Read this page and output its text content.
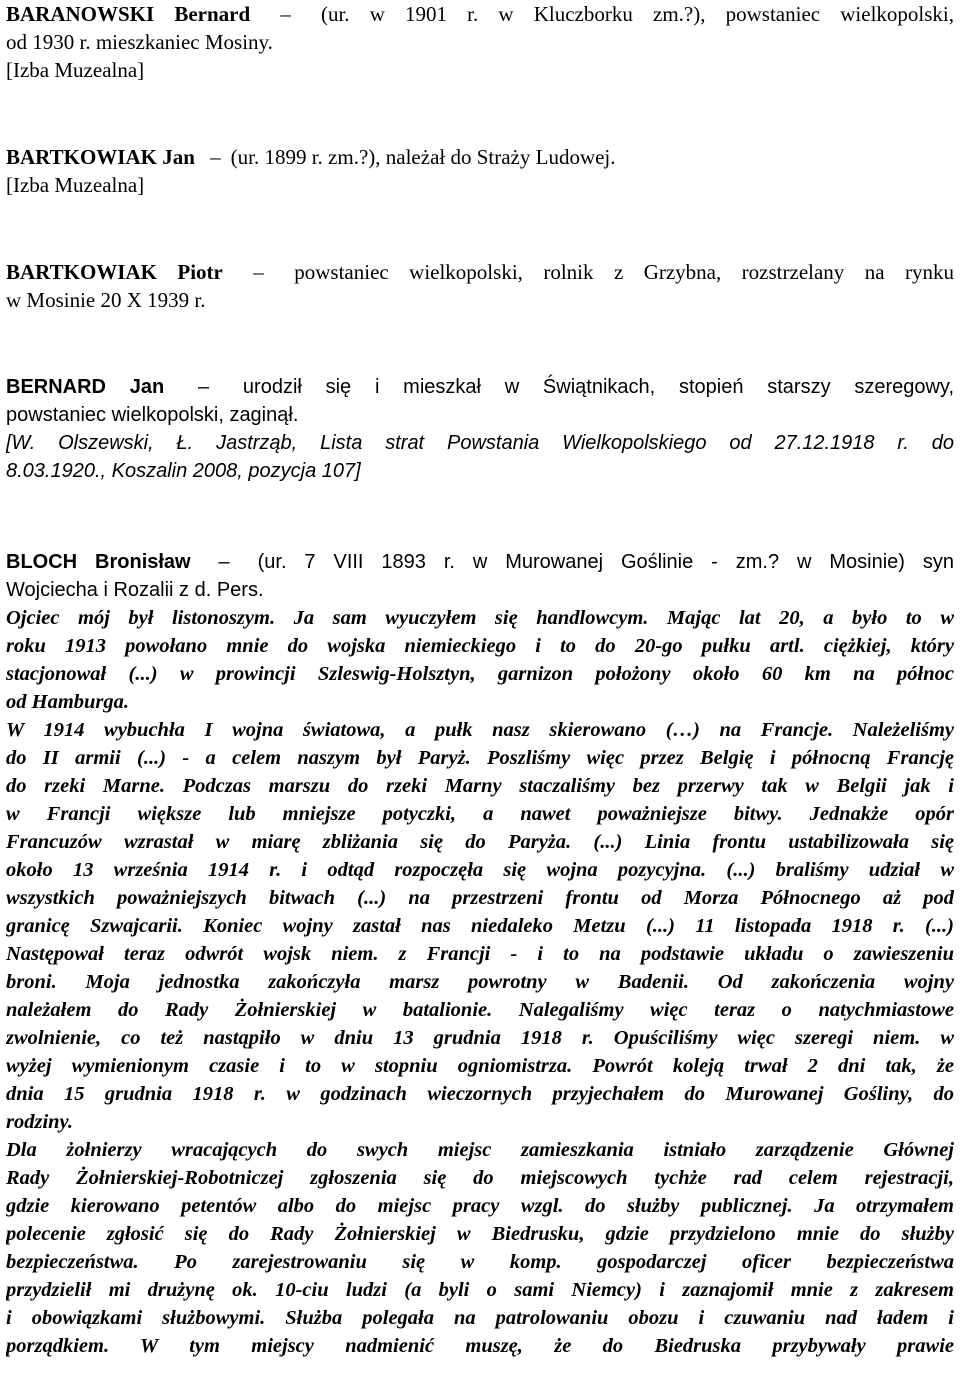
BARANOWSKI Bernard – (ur. w 1901 r. w Kluczborku zm.?), powstaniec wielkopolski,
od 1930 r. mieszkaniec Mosiny.
[Izba Muzealna]
BARTKOWIAK Jan – (ur. 1899 r. zm.?), należał do Straży Ludowej.
[Izba Muzealna]
BARTKOWIAK Piotr – powstaniec wielkopolski, rolnik z Grzybna, rozstrzelany na rynku
w Mosinie 20 X 1939 r.
BERNARD Jan – urodził się i mieszkał w Świątnikach, stopień starszy szeregowy,
powstaniec wielkopolski, zaginął.
[W. Olszewski, Ł. Jastrząb, Lista strat Powstania Wielkopolskiego od 27.12.1918 r. do
8.03.1920., Koszalin 2008, pozycja 107]
BLOCH Bronisław – (ur. 7 VIII 1893 r. w Murowanej Goślinie - zm.? w Mosinie) syn
Wojciecha i Rozalii z d. Pers.
Ojciec mój był listonoszym. Ja sam wyuczyłem się handlowcym. Mając lat 20, a było to w
roku 1913 powołano mnie do wojska niemieckiego i to do 20-go pułku artl. ciężkiej, który
stacjonował (...) w prowincji Szleswig-Holsztyn, garnizon położony około 60 km na północ
od Hamburga.
W 1914 wybuchła I wojna światowa, a pułk nasz skierowano (…) na Francje. Należeliśmy
do II armii (...) - a celem naszym był Paryż. Poszliśmy więc przez Belgię i północną Francję
do rzeki Marne. Podczas marszu do rzeki Marny staczaliśmy bez przerwy tak w Belgii jak i
w Francji większe lub mniejsze potyczki, a nawet poważniejsze bitwy. Jednakże opór
Francuzów wzrastał w miarę zbliżania się do Paryża. (...) Linia frontu ustabilizowała się
około 13 września 1914 r. i odtąd rozpoczęła się wojna pozycyjna. (...) braliśmy udział w
wszystkich poważniejszych bitwach (...) na przestrzeni frontu od Morza Północnego aż pod
granicę Szwajcarii. Koniec wojny zastał nas niedaleko Metzu (...) 11 listopada 1918 r. (...)
Następował teraz odwrót wojsk niem. z Francji - i to na podstawie układu o zawieszeniu
broni. Moja jednostka zakończyła marsz powrotny w Badenii. Od zakończenia wojny
należałem do Rady Żołnierskiej w batalionie. Nalegaliśmy więc teraz o natychmiastowe
zwolnienie, co też nastąpiło w dniu 13 grudnia 1918 r. Opuściliśmy więc szeregi niem. w
wyżej wymienionym czasie i to w stopniu ogniomistrza. Powrót koleją trwał 2 dni tak, że
dnia 15 grudnia 1918 r. w godzinach wieczornych przyjechałem do Murowanej Gośliny, do
rodziny.
Dla żołnierzy wracających do swych miejsc zamieszkania istniało zarządzenie Głównej
Rady Żołnierskiej-Robotniczej zgłoszenia się do miejscowych tychże rad celem rejestracji,
gdzie kierowano petentów albo do miejsc pracy wzgl. do służby publicznej. Ja otrzymałem
polecenie zgłosić się do Rady Żołnierskiej w Biedrusku, gdzie przydzielono mnie do służby
bezpieczeństwa. Po zarejestrowaniu się w komp. gospodarczej oficer bezpieczeństwa
przydzielił mi drużynę ok. 10-ciu ludzi (a byli o sami Niemcy) i zaznajomił mnie z zakresem
i obowiązkami służbowymi. Służba polegała na patrolowaniu obozu i czuwaniu nad ładem i
porządkiem. W tym miejscy nadmienić muszę, że do Biedruska przybywały prawie
